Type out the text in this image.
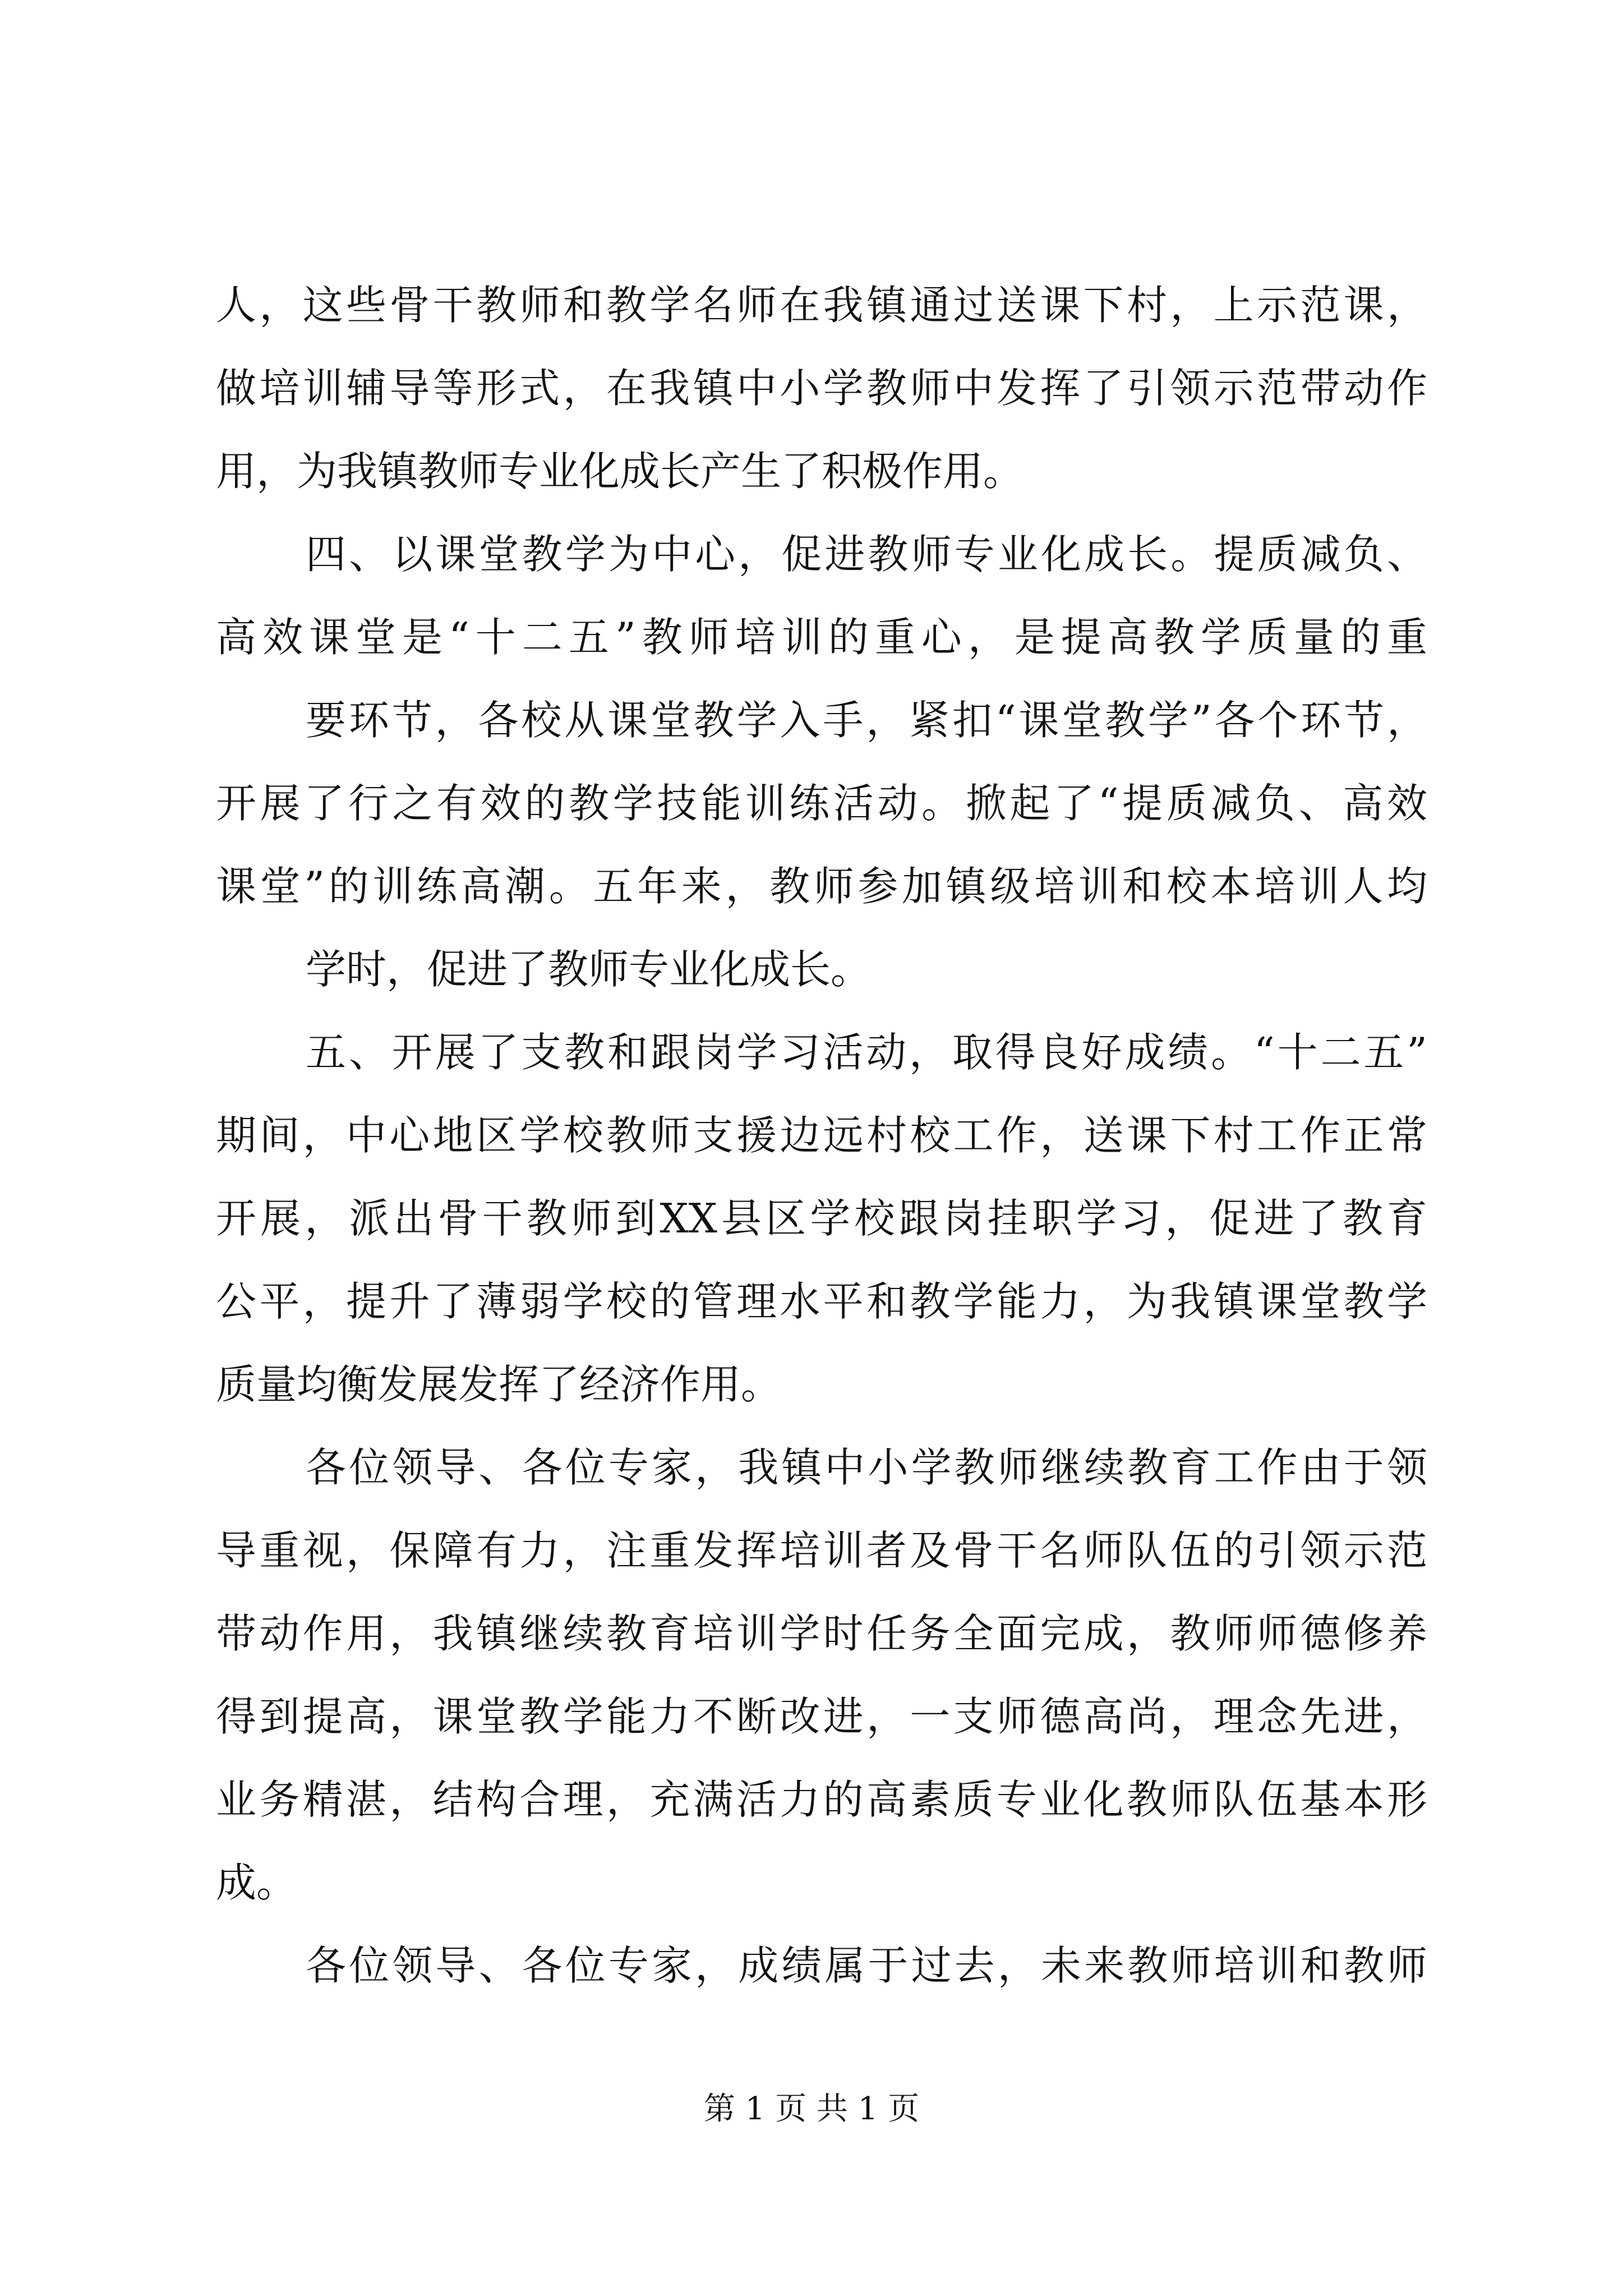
人，这些骨干教师和教学名师在我镇通过送课下村，上示范课，
做培训辅导等形式，在我镇中小学教师中发挥了引领示范带动作
用，为我镇教师专业化成长产生了积极作用。
四、以课堂教学为中心，促进教师专业化成长。提质减负、
高效课堂是“十二五”教师培训的重心，是提高教学质量的重
要环节，各校从课堂教学入手，紧扣“课堂教学”各个环节，
开展了行之有效的教学技能训练活动。掀起了“提质减负、高效
课堂”的训练高潮。五年来，教师参加镇级培训和校本培训人均
学时，促进了教师专业化成长。
五、开展了支教和跟岗学习活动，取得良好成绩。“十二五”
期间，中心地区学校教师支援边远村校工作，送课下村工作正常
开展，派出骨干教师到XX县区学校跟岗挂职学习，促进了教育
公平，提升了薄弱学校的管理水平和教学能力，为我镇课堂教学
质量均衡发展发挥了经济作用。
各位领导、各位专家，我镇中小学教师继续教育工作由于领
导重视，保障有力，注重发挥培训者及骨干名师队伍的引领示范
带动作用，我镇继续教育培训学时任务全面完成，教师师德修养
得到提高，课堂教学能力不断改进，一支师德高尚，理念先进，
业务精湛，结构合理，充满活力的高素质专业化教师队伍基本形
成。
各位领导、各位专家，成绩属于过去，未来教师培训和教师
第 1 页 共 1 页
